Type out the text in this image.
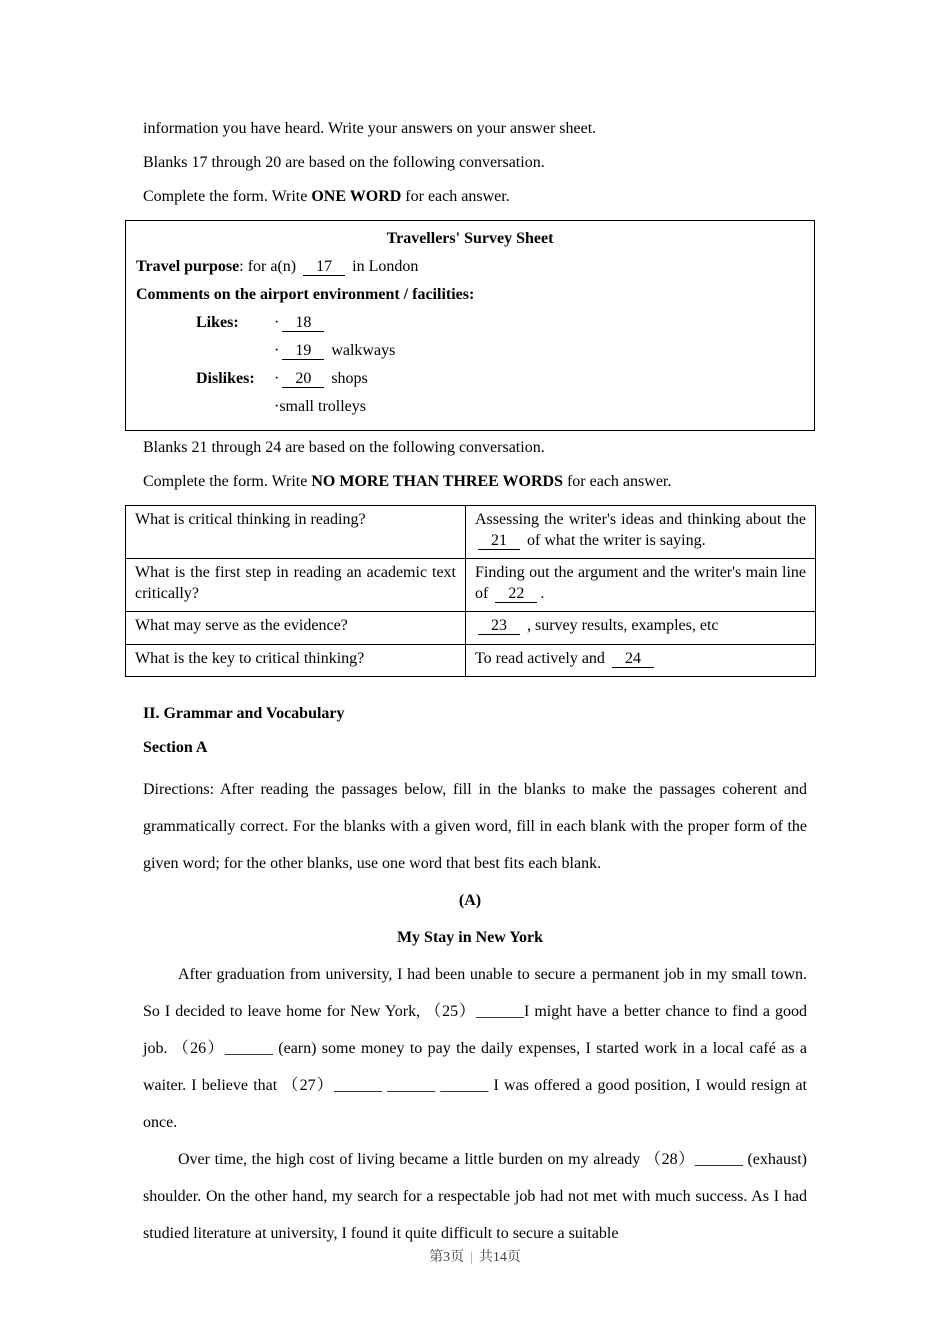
information you have heard. Write your answers on your answer sheet.

Blanks 17 through 20 are based on the following conversation.

Complete the form. Write ONE WORD for each answer.

Travellers' Survey Sheet
Travel purpose: for a(n) 17 in London
Comments on the airport environment / facilities:
Likes: · 18
· 19 walkways
Dislikes: · 20 shops
·small trolleys

Blanks 21 through 24 are based on the following conversation.

Complete the form. Write NO MORE THAN THREE WORDS for each answer.

What is critical thinking in reading?	Assessing the writer's ideas and thinking about the 21 of what the writer is saying.
What is the first step in reading an academic text critically?	Finding out the argument and the writer's main line of 22 .
What may serve as the evidence?	23 , survey results, examples, etc
What is the key to critical thinking?	To read actively and 24

II. Grammar and Vocabulary

Section A

Directions: After reading the passages below, fill in the blanks to make the passages coherent and grammatically correct. For the blanks with a given word, fill in each blank with the proper form of the given word; for the other blanks, use one word that best fits each blank.

(A)

My Stay in New York

After graduation from university, I had been unable to secure a permanent job in my small town. So I decided to leave home for New York, （25）______I might have a better chance to find a good job. （26）______ (earn) some money to pay the daily expenses, I started work in a local café as a waiter. I believe that （27）______ ______ ______ I was offered a good position, I would resign at once.

Over time, the high cost of living became a little burden on my already （28）______ (exhaust) shoulder. On the other hand, my search for a respectable job had not met with much success. As I had studied literature at university, I found it quite difficult to secure a suitable

第3页 | 共14页
